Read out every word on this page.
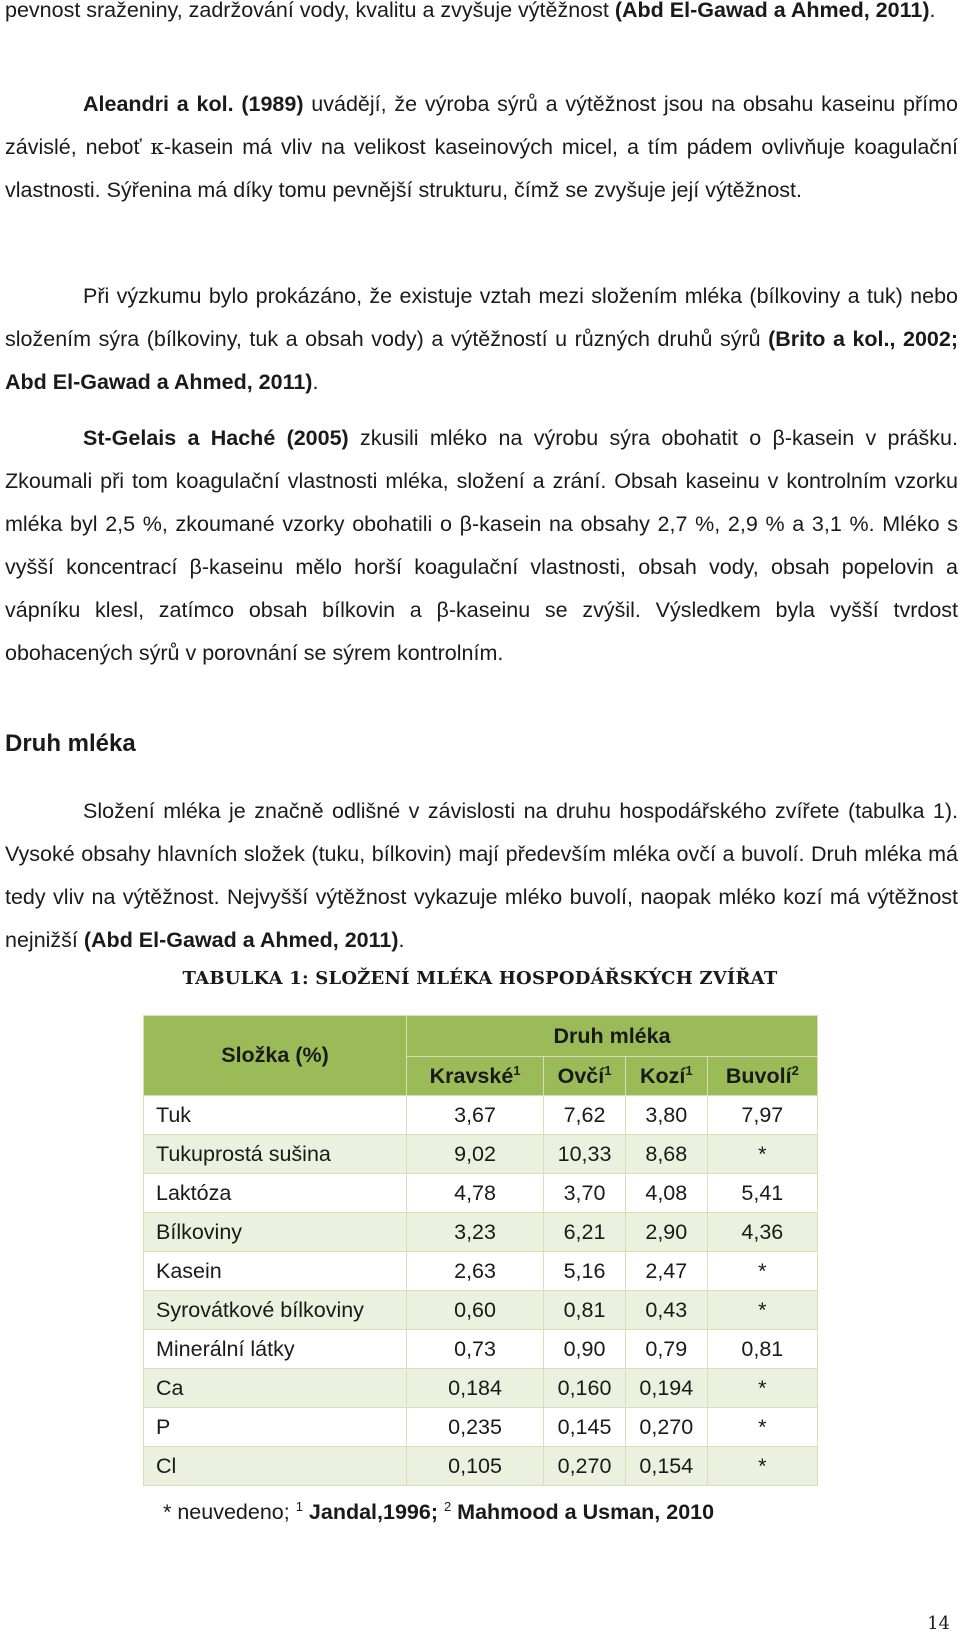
pevnost sraženiny, zadržování vody, kvalitu a zvyšuje výtěžnost (Abd El-Gawad a Ahmed, 2011).

Aleandri a kol. (1989) uvádějí, že výroba sýrů a výtěžnost jsou na obsahu kaseinu přímo závislé, neboť κ-kasein má vliv na velikost kaseinových micel, a tím pádem ovlivňuje koagulační vlastnosti. Sýřenina má díky tomu pevnější strukturu, čímž se zvyšuje její výtěžnost.

Při výzkumu bylo prokázáno, že existuje vztah mezi složením mléka (bílkoviny a tuk) nebo složením sýra (bílkoviny, tuk a obsah vody) a výtěžností u různých druhů sýrů (Brito a kol., 2002; Abd El-Gawad a Ahmed, 2011).

St-Gelais a Haché (2005) zkusili mléko na výrobu sýra obohatit o β-kasein v prášku. Zkoumali při tom koagulační vlastnosti mléka, složení a zrání. Obsah kaseinu v kontrolním vzorku mléka byl 2,5 %, zkoumané vzorky obohatili o β-kasein na obsahy 2,7 %, 2,9 % a 3,1 %. Mléko s vyšší koncentrací β-kaseinu mělo horší koagulační vlastnosti, obsah vody, obsah popelovin a vápníku klesl, zatímco obsah bílkovin a β-kaseinu se zvýšil. Výsledkem byla vyšší tvrdost obohacených sýrů v porovnání se sýrem kontrolním.

Druh mléka

Složení mléka je značně odlišné v závislosti na druhu hospodářského zvířete (tabulka 1). Vysoké obsahy hlavních složek (tuku, bílkovin) mají především mléka ovčí a buvolí. Druh mléka má tedy vliv na výtěžnost. Nejvyšší výtěžnost vykazuje mléko buvolí, naopak mléko kozí má výtěžnost nejnižší (Abd El-Gawad a Ahmed, 2011).

TABULKA 1: SLOŽENÍ MLÉKA HOSPODÁŘSKÝCH ZVÍŘAT
Složka (%)	Druh mléka			
	Kravské$^1$	Ovčí$^1$	Kozí$^1$	Buvolí$^2$
Tuk	3,67	7,62	3,80	7,97
Tukuprostá sušina	9,02	10,33	8,68	*
Laktóza	4,78	3,70	4,08	5,41
Bílkoviny	3,23	6,21	2,90	4,36
Kasein	2,63	5,16	2,47	*
Syrovátkové bílkoviny	0,60	0,81	0,43	*
Minerální látky	0,73	0,90	0,79	0,81
Ca	0,184	0,160	0,194	*
P	0,235	0,145	0,270	*
Cl	0,105	0,270	0,154	*
* neuvedeno; $^1$ Jandal,1996; $^2$ Mahmood a Usman, 2010
14
